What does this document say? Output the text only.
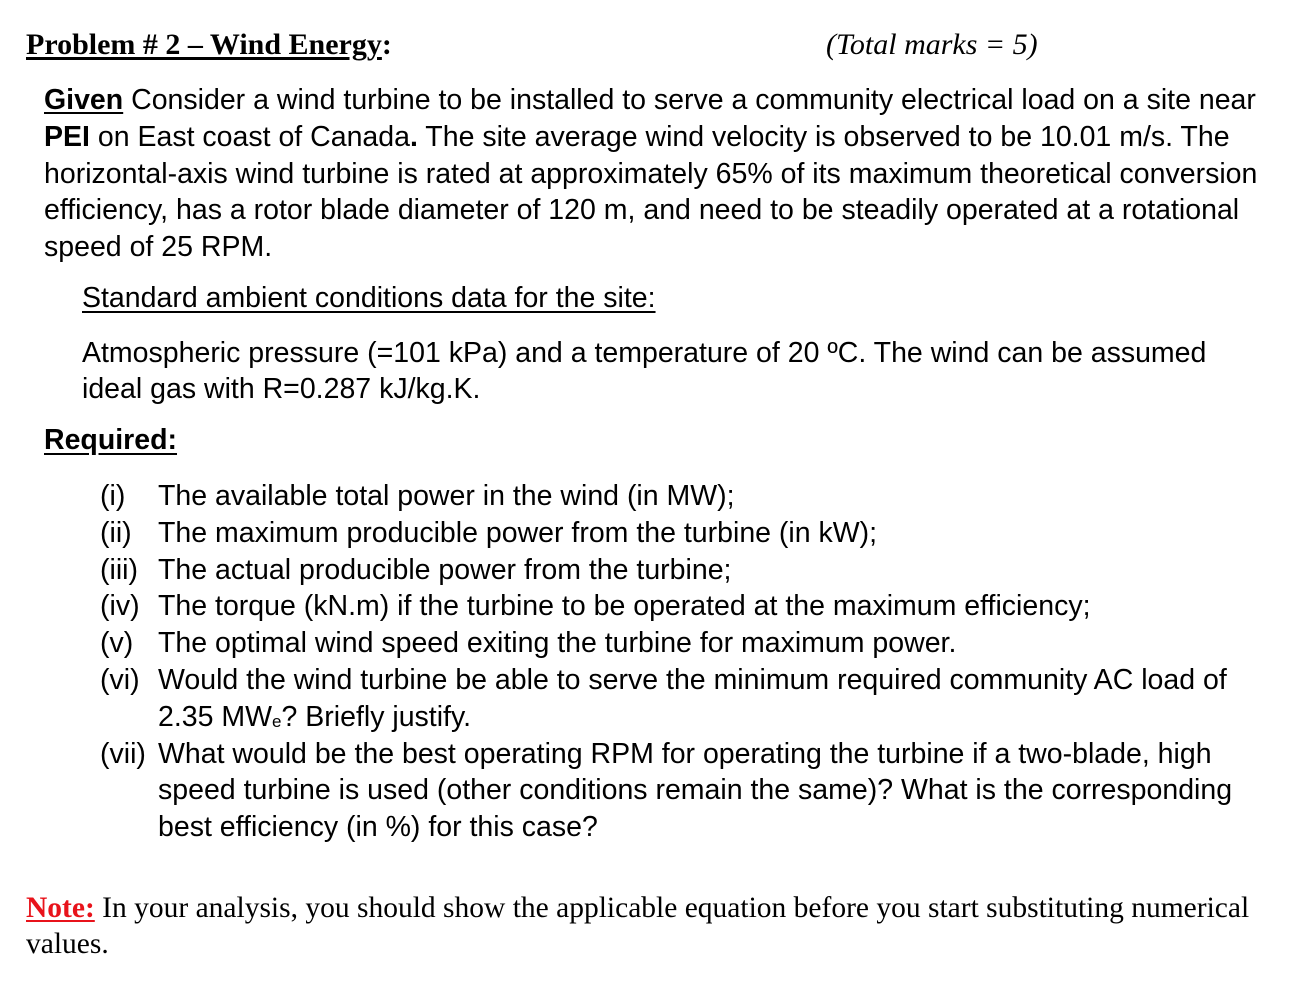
Problem # 2 – Wind Energy:	(Total marks = 5)
Given Consider a wind turbine to be installed to serve a community electrical load on a site near PEI on East coast of Canada. The site average wind velocity is observed to be 10.01 m/s. The horizontal-axis wind turbine is rated at approximately 65% of its maximum theoretical conversion efficiency, has a rotor blade diameter of 120 m, and need to be steadily operated at a rotational speed of 25 RPM.
Standard ambient conditions data for the site:
Atmospheric pressure (=101 kPa) and a temperature of 20 ºC. The wind can be assumed ideal gas with R=0.287 kJ/kg.K.
Required:
(i)	The available total power in the wind (in MW);
(ii) The maximum producible power from the turbine (in kW);
(iii) The actual producible power from the turbine;
(iv) The torque (kN.m) if the turbine to be operated at the maximum efficiency;
(v) The optimal wind speed exiting the turbine for maximum power.
(vi) Would the wind turbine be able to serve the minimum required community AC load of 2.35 $MW_e$? Briefly justify.
(vii) What would be the best operating RPM for operating the turbine if a two-blade, high speed turbine is used (other conditions remain the same)? What is the corresponding best efficiency (in %) for this case?
Note: In your analysis, you should show the applicable equation before you start substituting numerical values.
